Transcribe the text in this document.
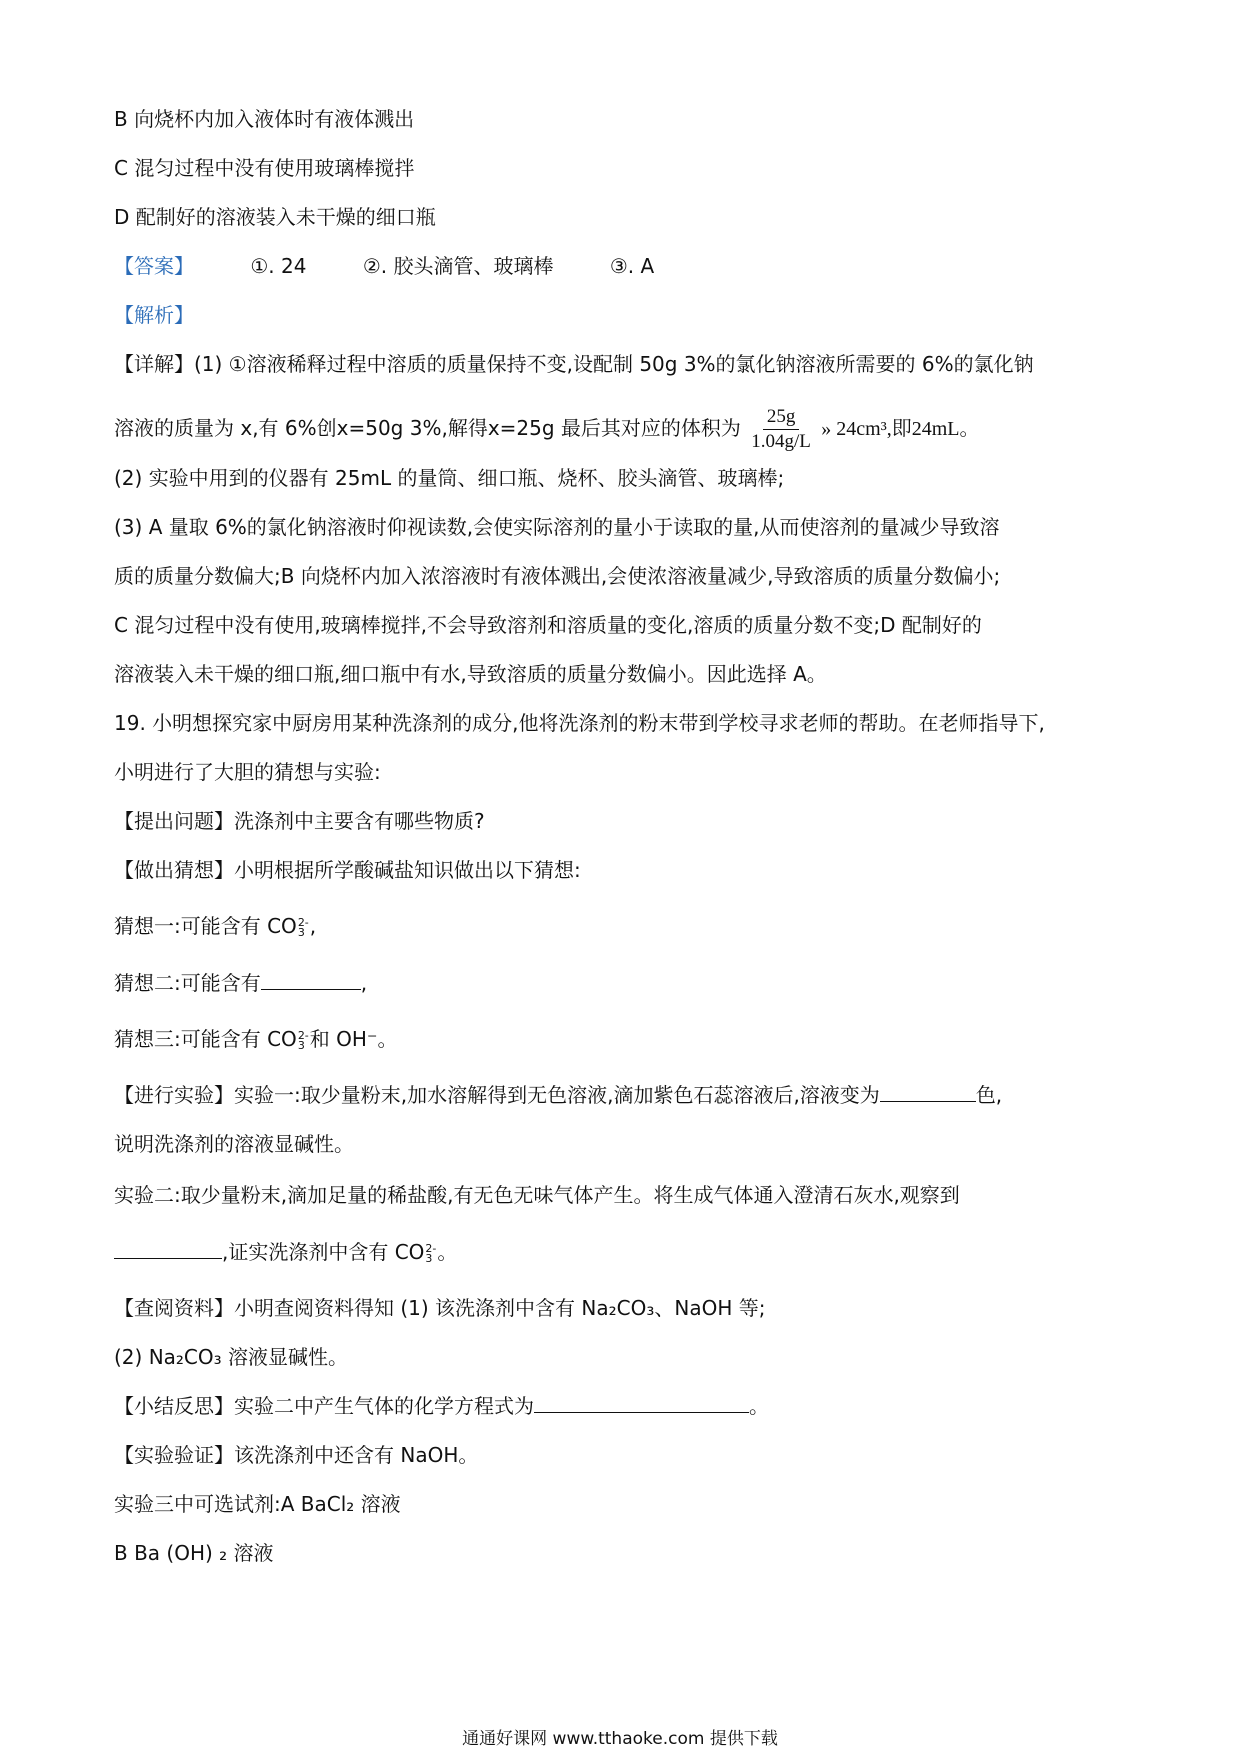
B 向烧杯内加入液体时有液体溅出
C 混匀过程中没有使用玻璃棒搅拌
D 配制好的溶液装入未干燥的细口瓶
【答案】	①. 24	②. 胶头滴管、玻璃棒	③. A
【解析】
【详解】(1) ①溶液稀释过程中溶质的质量保持不变,设配制 50g 3%的氯化钠溶液所需要的 6%的氯化钠
溶液的质量为 x,有 6%创x=50g 3%,解得x=25g 最后其对应的体积为 $\frac{25g}{1.04g/L}$ » 24cm³,即24mL。
(2) 实验中用到的仪器有 25mL 的量筒、细口瓶、烧杯、胶头滴管、玻璃棒;
(3) A 量取 6%的氯化钠溶液时仰视读数,会使实际溶剂的量小于读取的量,从而使溶剂的量减少导致溶
质的质量分数偏大;B 向烧杯内加入浓溶液时有液体溅出,会使浓溶液量减少,导致溶质的质量分数偏小;
C 混匀过程中没有使用,玻璃棒搅拌,不会导致溶剂和溶质量的变化,溶质的质量分数不变;D 配制好的
溶液装入未干燥的细口瓶,细口瓶中有水,导致溶质的质量分数偏小。因此选择 A。
19. 小明想探究家中厨房用某种洗涤剂的成分,他将洗涤剂的粉末带到学校寻求老师的帮助。在老师指导下,
小明进行了大胆的猜想与实验:
【提出问题】洗涤剂中主要含有哪些物质?
【做出猜想】小明根据所学酸碱盐知识做出以下猜想:
猜想一:可能含有 CO 2-
3 ,
猜想二:可能含有	,
猜想三:可能含有 CO 2-
3 和 OH⁻。
【进行实验】实验一:取少量粉末,加水溶解得到无色溶液,滴加紫色石蕊溶液后,溶液变为	色,
说明洗涤剂的溶液显碱性。
实验二:取少量粉末,滴加足量的稀盐酸,有无色无味气体产生。将生成气体通入澄清石灰水,观察到
,证实洗涤剂中含有 CO 2-
3 。
【查阅资料】小明查阅资料得知 (1) 该洗涤剂中含有 Na₂CO₃、NaOH 等;
(2) Na₂CO₃ 溶液显碱性。
【小结反思】实验二中产生气体的化学方程式为	。
【实验验证】该洗涤剂中还含有 NaOH。
实验三中可选试剂:A BaCl₂ 溶液
B Ba (OH) ₂ 溶液
通通好课网 www.tthaoke.com 提供下载
